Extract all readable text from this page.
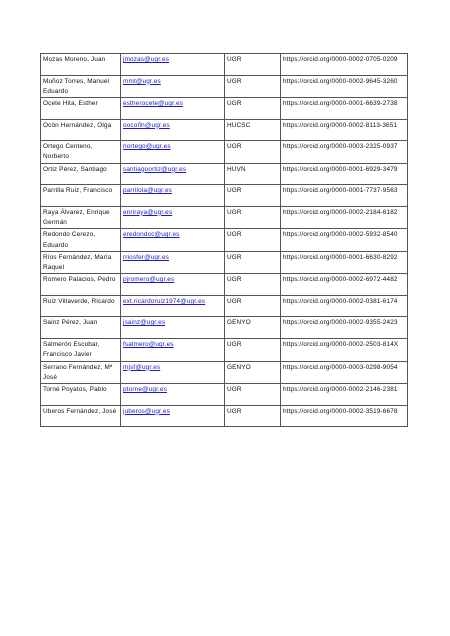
Mozas Moreno, Juan	jmozas@ugr.es	UGR	https://orcid.org/0000-0002-0705-0209
Muñoz Torres, Manuel Eduardo	mmt@ugr.es	UGR	https://orcid.org/0000-0002-9645-3260
Ocete Hita, Esther	estherocete@ugr.es	UGR	https://orcid.org/0000-0001-6639-2738
Ocón Hernández, Olga	oocoñh@ugr.es	HUCSC	https://orcid.org/0000-0002-8113-3651
Ortego Centeno, Norberto	nortego@ugr.es	UGR	https://orcid.org/0000-0003-2325-0937
Ortiz Pérez, Santiago	santiagoortiz@ugr.es	HUVN	https://orcid.org/0000-0001-6929-3479
Parrilla Ruiz, Francisco	parrilola@ugr.es	UGR	https://orcid.org/0000-0001-7737-9563
Raya Álvarez, Enrique Germán	enriraya@ugr.es	UGR	https://orcid.org/0000-0002-2184-6182
Redondo Cerezo, Eduardo	eredondoc@ugr.es	UGR	https://orcid.org/0000-0002-5932-8540
Ríos Fernández, María Raquel	rriosfer@ugr.es	UGR	https://orcid.org/0000-0001-6630-8292
Romero Palacios, Pedro	pjromero@ugr.es	UGR	https://orcid.org/0000-0002-6972-4482
Ruiz Villaverde, Ricardo	ext.ricardoruiz1974@ugr.es	UGR	https://orcid.org/0000-0002-0381-6174
Sainz Pérez, Juan	jsainz@ugr.es	GENYO	https://orcid.org/0000-0002-9355-2423
Salmerón Escobar, Francisco Javier	fsalmero@ugr.es	UGR	https://orcid.org/0000-0002-2503-814X
Serrano Fernández, Mª José	mjsf@ugr.es	GENYO	https://orcid.org/0000-0003-0298-9054
Torné Poyatos, Pablo	ptorne@ugr.es	UGR	https://orcid.org/0000-0002-2146-2381
Uberos Fernández, José	juberos@ugr.es	UGR	https://orcid.org/0000-0002-3519-6678
